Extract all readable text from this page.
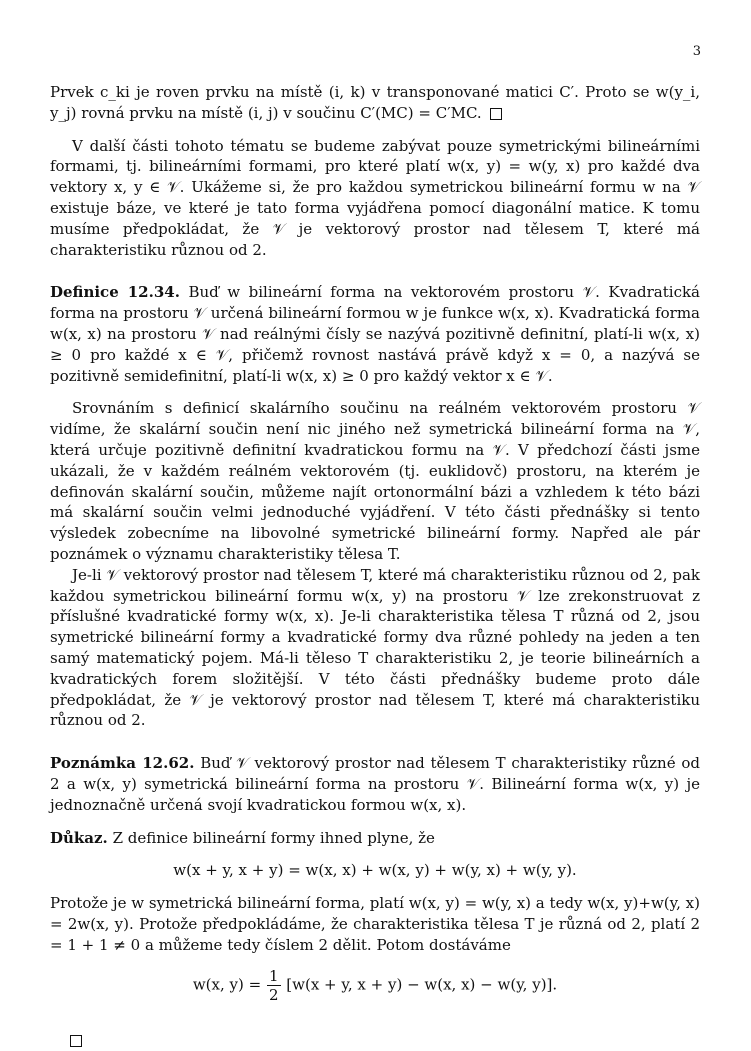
3

Prvek c_ki je roven prvku na místě (i, k) v transponované matici C′. Proto se w(y_i, y_j) rovná prvku na místě (i, j) v součinu C′(MC) = C′MC.

V další části tohoto tématu se budeme zabývat pouze symetrickými bilineárními formami, tj. bilineárními formami, pro které platí w(x, y) = w(y, x) pro každé dva vektory x, y ∈ 𝒱. Ukážeme si, že pro každou symetrickou bilineární formu w na 𝒱 existuje báze, ve které je tato forma vyjádřena pomocí diagonální matice. K tomu musíme předpokládat, že 𝒱 je vektorový prostor nad tělesem T, které má charakteristiku různou od 2.

Definice 12.34. Buď w bilineární forma na vektorovém prostoru 𝒱. Kvadratická forma na prostoru 𝒱 určená bilineární formou w je funkce w(x, x). Kvadratická forma w(x, x) na prostoru 𝒱 nad reálnými čísly se nazývá pozitivně definitní, platí-li w(x, x) ≥ 0 pro každé x ∈ 𝒱, přičemž rovnost nastává právě když x = 0, a nazývá se pozitivně semidefinitní, platí-li w(x, x) ≥ 0 pro každý vektor x ∈ 𝒱.

Srovnáním s definicí skalárního součinu na reálném vektorovém prostoru 𝒱 vidíme, že skalární součin není nic jiného než symetrická bilineární forma na 𝒱, která určuje pozitivně definitní kvadratickou formu na 𝒱. V předchozí části jsme ukázali, že v každém reálném vektorovém (tj. euklidovč) prostoru, na kterém je definován skalární součin, můžeme najít ortonormální bázi a vzhledem k této bázi má skalární součin velmi jednoduché vyjádření. V této části přednášky si tento výsledek zobecníme na libovolné symetrické bilineární formy. Napřed ale pár poznámek o významu charakteristiky tělesa T.

Je-li 𝒱 vektorový prostor nad tělesem T, které má charakteristiku různou od 2, pak každou symetrickou bilineární formu w(x, y) na prostoru 𝒱 lze zrekonstruovat z příslušné kvadratické formy w(x, x). Je-li charakteristika tělesa T různá od 2, jsou symetrické bilineární formy a kvadratické formy dva různé pohledy na jeden a ten samý matematický pojem. Má-li těleso T charakteristiku 2, je teorie bilineárních a kvadratických forem složitější. V této části přednášky budeme proto dále předpokládat, že 𝒱 je vektorový prostor nad tělesem T, které má charakteristiku různou od 2.

Poznámka 12.62. Buď 𝒱 vektorový prostor nad tělesem T charakteristiky různé od 2 a w(x, y) symetrická bilineární forma na prostoru 𝒱. Bilineární forma w(x, y) je jednoznačně určená svojí kvadratickou formou w(x, x).

Důkaz. Z definice bilineární formy ihned plyne, že

w(x + y, x + y) = w(x, x) + w(x, y) + w(y, x) + w(y, y).

Protože je w symetrická bilineární forma, platí w(x, y) = w(y, x) a tedy w(x, y)+w(y, x) = 2w(x, y). Protože předpokládáme, že charakteristika tělesa T je různá od 2, platí 2 = 1 + 1 ≠ 0 a můžeme tedy číslem 2 dělit. Potom dostáváme

w(x, $y) = \frac{1}{2} [w(x + y$, x + y) − w(x, x) − w(y, y)].
